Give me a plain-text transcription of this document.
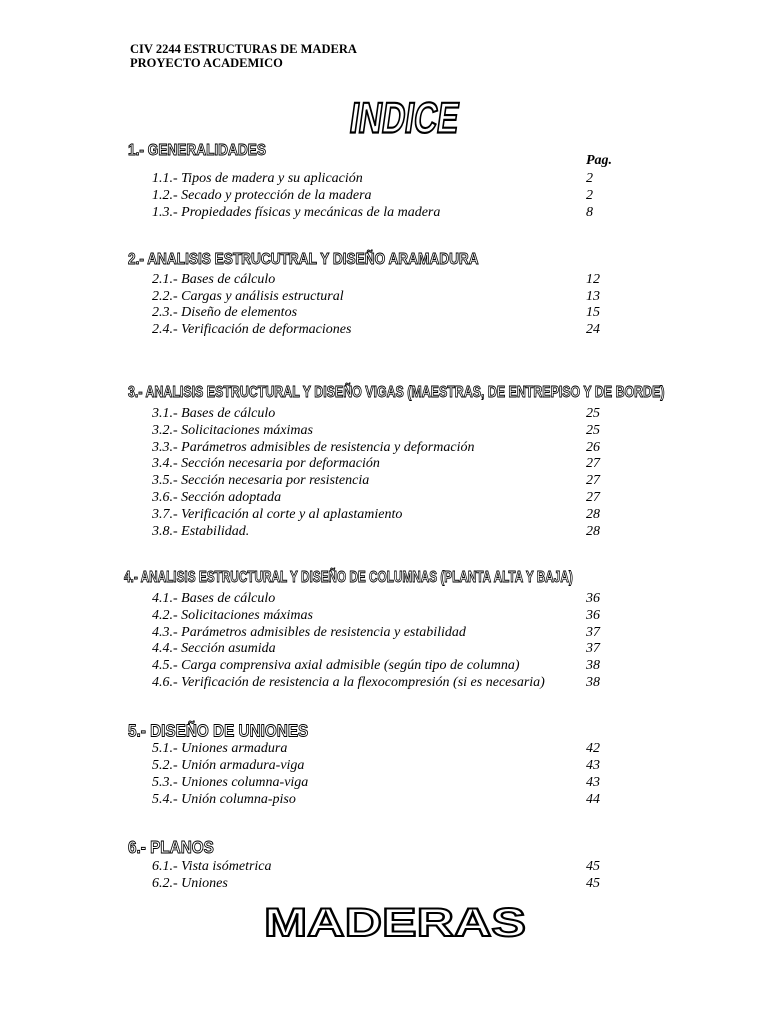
CIV 2244 ESTRUCTURAS DE MADERA
PROYECTO ACADEMICO
INDICE
Pag.
1.- GENERALIDADES
1.1.- Tipos de madera y su aplicación	2
1.2.- Secado y protección de la madera	2
1.3.- Propiedades físicas y mecánicas de la madera	8
2.- ANALISIS ESTRUCUTRAL Y DISEÑO ARAMADURA
2.1.- Bases de cálculo	12
2.2.- Cargas y análisis estructural	13
2.3.- Diseño de elementos	15
2.4.- Verificación de deformaciones	24
3.- ANALISIS ESTRUCTURAL Y DISEÑO VIGAS (MAESTRAS, DE ENTREPISO Y DE BORDE)
3.1.- Bases de cálculo	25
3.2.- Solicitaciones máximas	25
3.3.- Parámetros admisibles de resistencia y deformación	26
3.4.- Sección necesaria por deformación	27
3.5.- Sección necesaria por resistencia	27
3.6.- Sección adoptada	27
3.7.- Verificación al corte y al aplastamiento	28
3.8.- Estabilidad.	28
4.- ANALISIS ESTRUCTURAL Y DISEÑO DE COLUMNAS (PLANTA ALTA Y BAJA)
4.1.- Bases de cálculo	36
4.2.- Solicitaciones máximas	36
4.3.- Parámetros admisibles de resistencia y estabilidad	37
4.4.- Sección asumida	37
4.5.- Carga comprensiva axial admisible (según tipo de columna)	38
4.6.- Verificación de resistencia a la flexocompresión (si es necesaria)	38
5.- DISEÑO DE UNIONES
5.1.- Uniones armadura	42
5.2.- Unión armadura-viga	43
5.3.- Uniones columna-viga	43
5.4.- Unión columna-piso	44
6.- PLANOS
6.1.- Vista isómetrica	45
6.2.- Uniones	45
MADERAS
